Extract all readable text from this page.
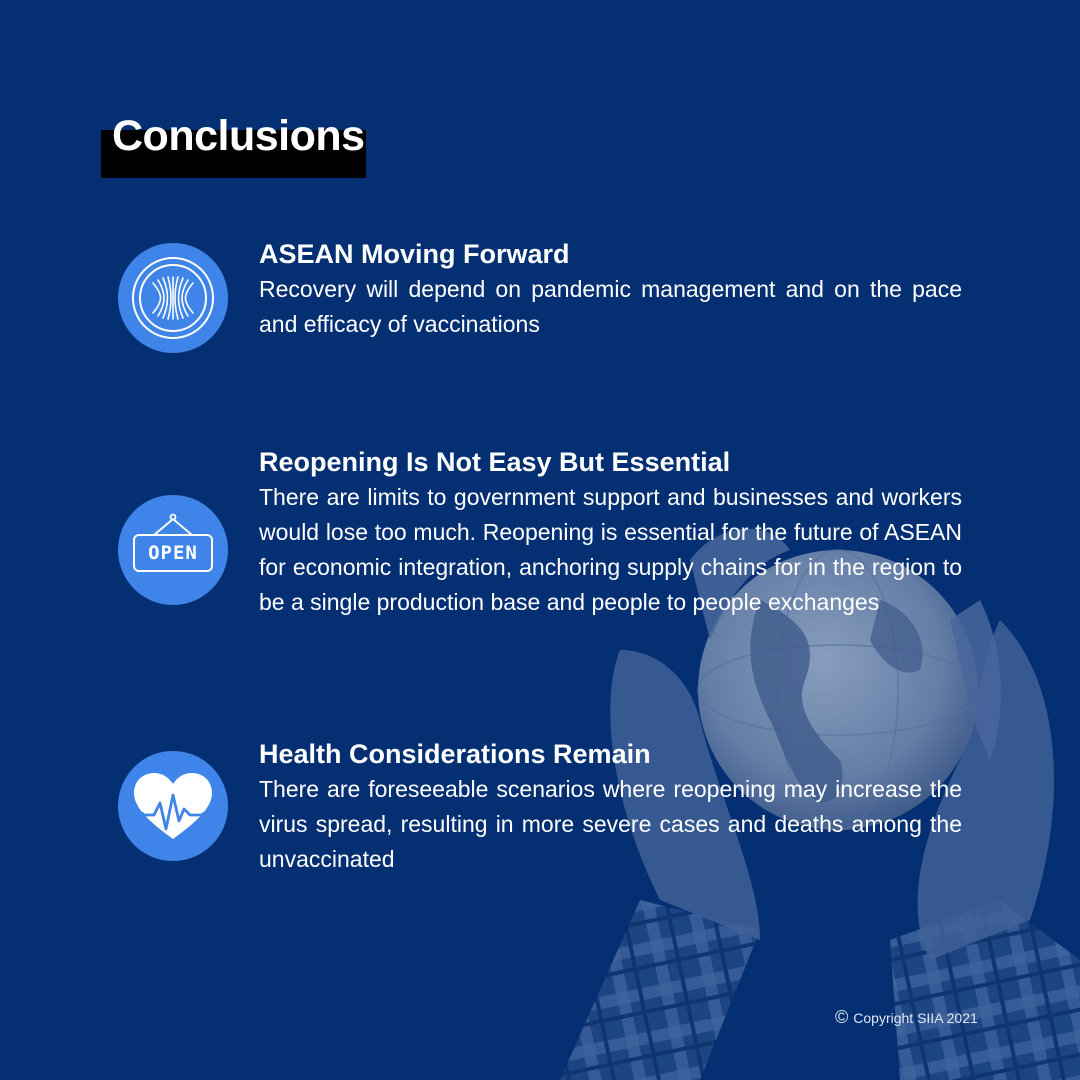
Conclusions
ASEAN Moving Forward

Recovery will depend on pandemic management and on the pace and efficacy of vaccinations

OPEN
Reopening Is Not Easy But Essential

There are limits to government support and businesses and workers would lose too much. Reopening is essential for the future of ASEAN for economic integration, anchoring supply chains for in the region to be a single production base and people to people exchanges

Health Considerations Remain

There are foreseeable scenarios where reopening may increase the virus spread, resulting in more severe cases and deaths among the unvaccinated

© Copyright SIIA 2021
